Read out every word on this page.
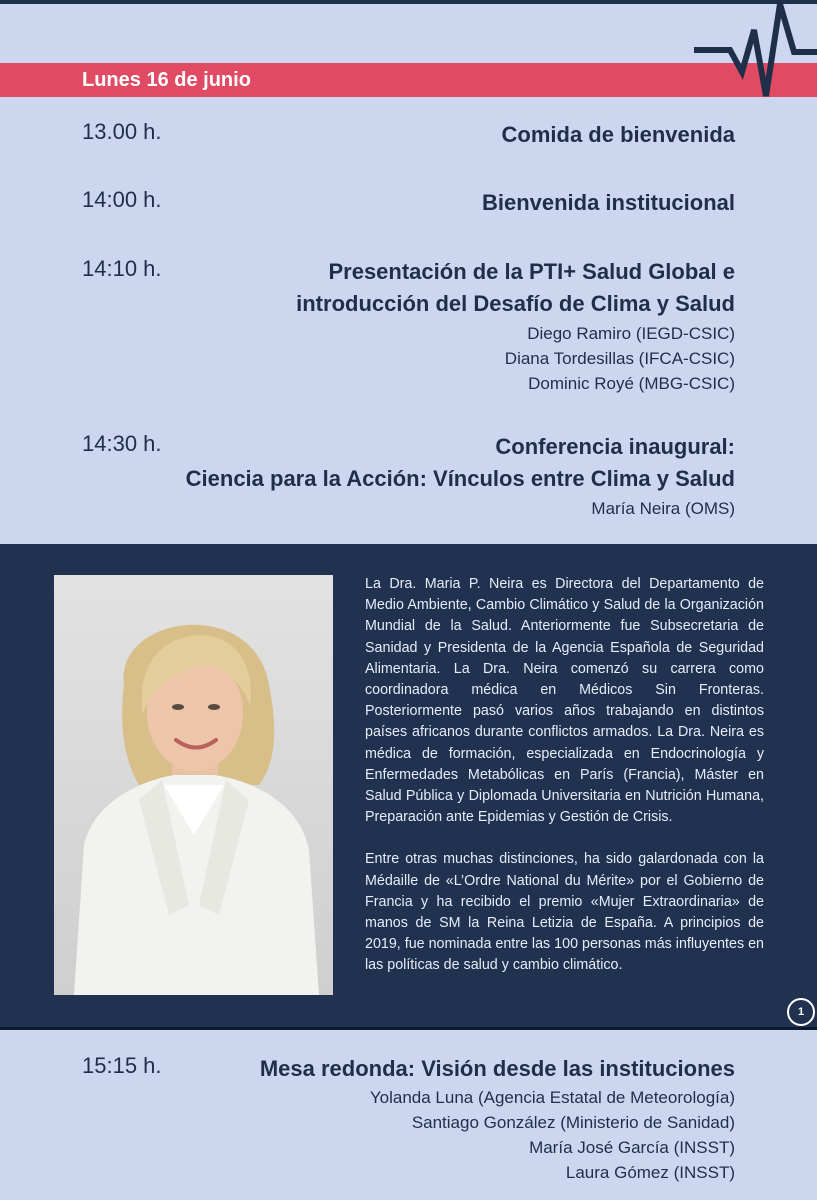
Lunes 16 de junio
13.00 h.	Comida de bienvenida
14:00 h.	Bienvenida institucional
14:10 h.	Presentación de la PTI+ Salud Global e
introducción del Desafío de Clima y Salud
Diego Ramiro (IEGD-CSIC)
Diana Tordesillas (IFCA-CSIC)
Dominic Royé (MBG-CSIC)
14:30 h.	Conferencia inaugural:
Ciencia para la Acción: Vínculos entre Clima y Salud
María Neira (OMS)

La Dra. Maria P. Neira es Directora del Departamento de Medio Ambiente, Cambio Climático y Salud de la Organización Mundial de la Salud. Anteriormente fue Subsecretaria de Sanidad y Presidenta de la Agencia Española de Seguridad Alimentaria. La Dra. Neira comenzó su carrera como coordinadora médica en Médicos Sin Fronteras. Posteriormente pasó varios años trabajando en distintos países africanos durante conflictos armados. La Dra. Neira es médica de formación, especializada en Endocrinología y Enfermedades Metabólicas en París (Francia), Máster en Salud Pública y Diplomada Universitaria en Nutrición Humana, Preparación ante Epidemias y Gestión de Crisis.

Entre otras muchas distinciones, ha sido galardonada con la Médaille de «L’Ordre National du Mérite» por el Gobierno de Francia y ha recibido el premio «Mujer Extraordinaria» de manos de SM la Reina Letizia de España. A principios de 2019, fue nominada entre las 100 personas más influyentes en las políticas de salud y cambio climático.

1
15:15 h.	Mesa redonda: Visión desde las instituciones
Yolanda Luna (Agencia Estatal de Meteorología)
Santiago González (Ministerio de Sanidad)
María José García (INSST)
Laura Gómez (INSST)
